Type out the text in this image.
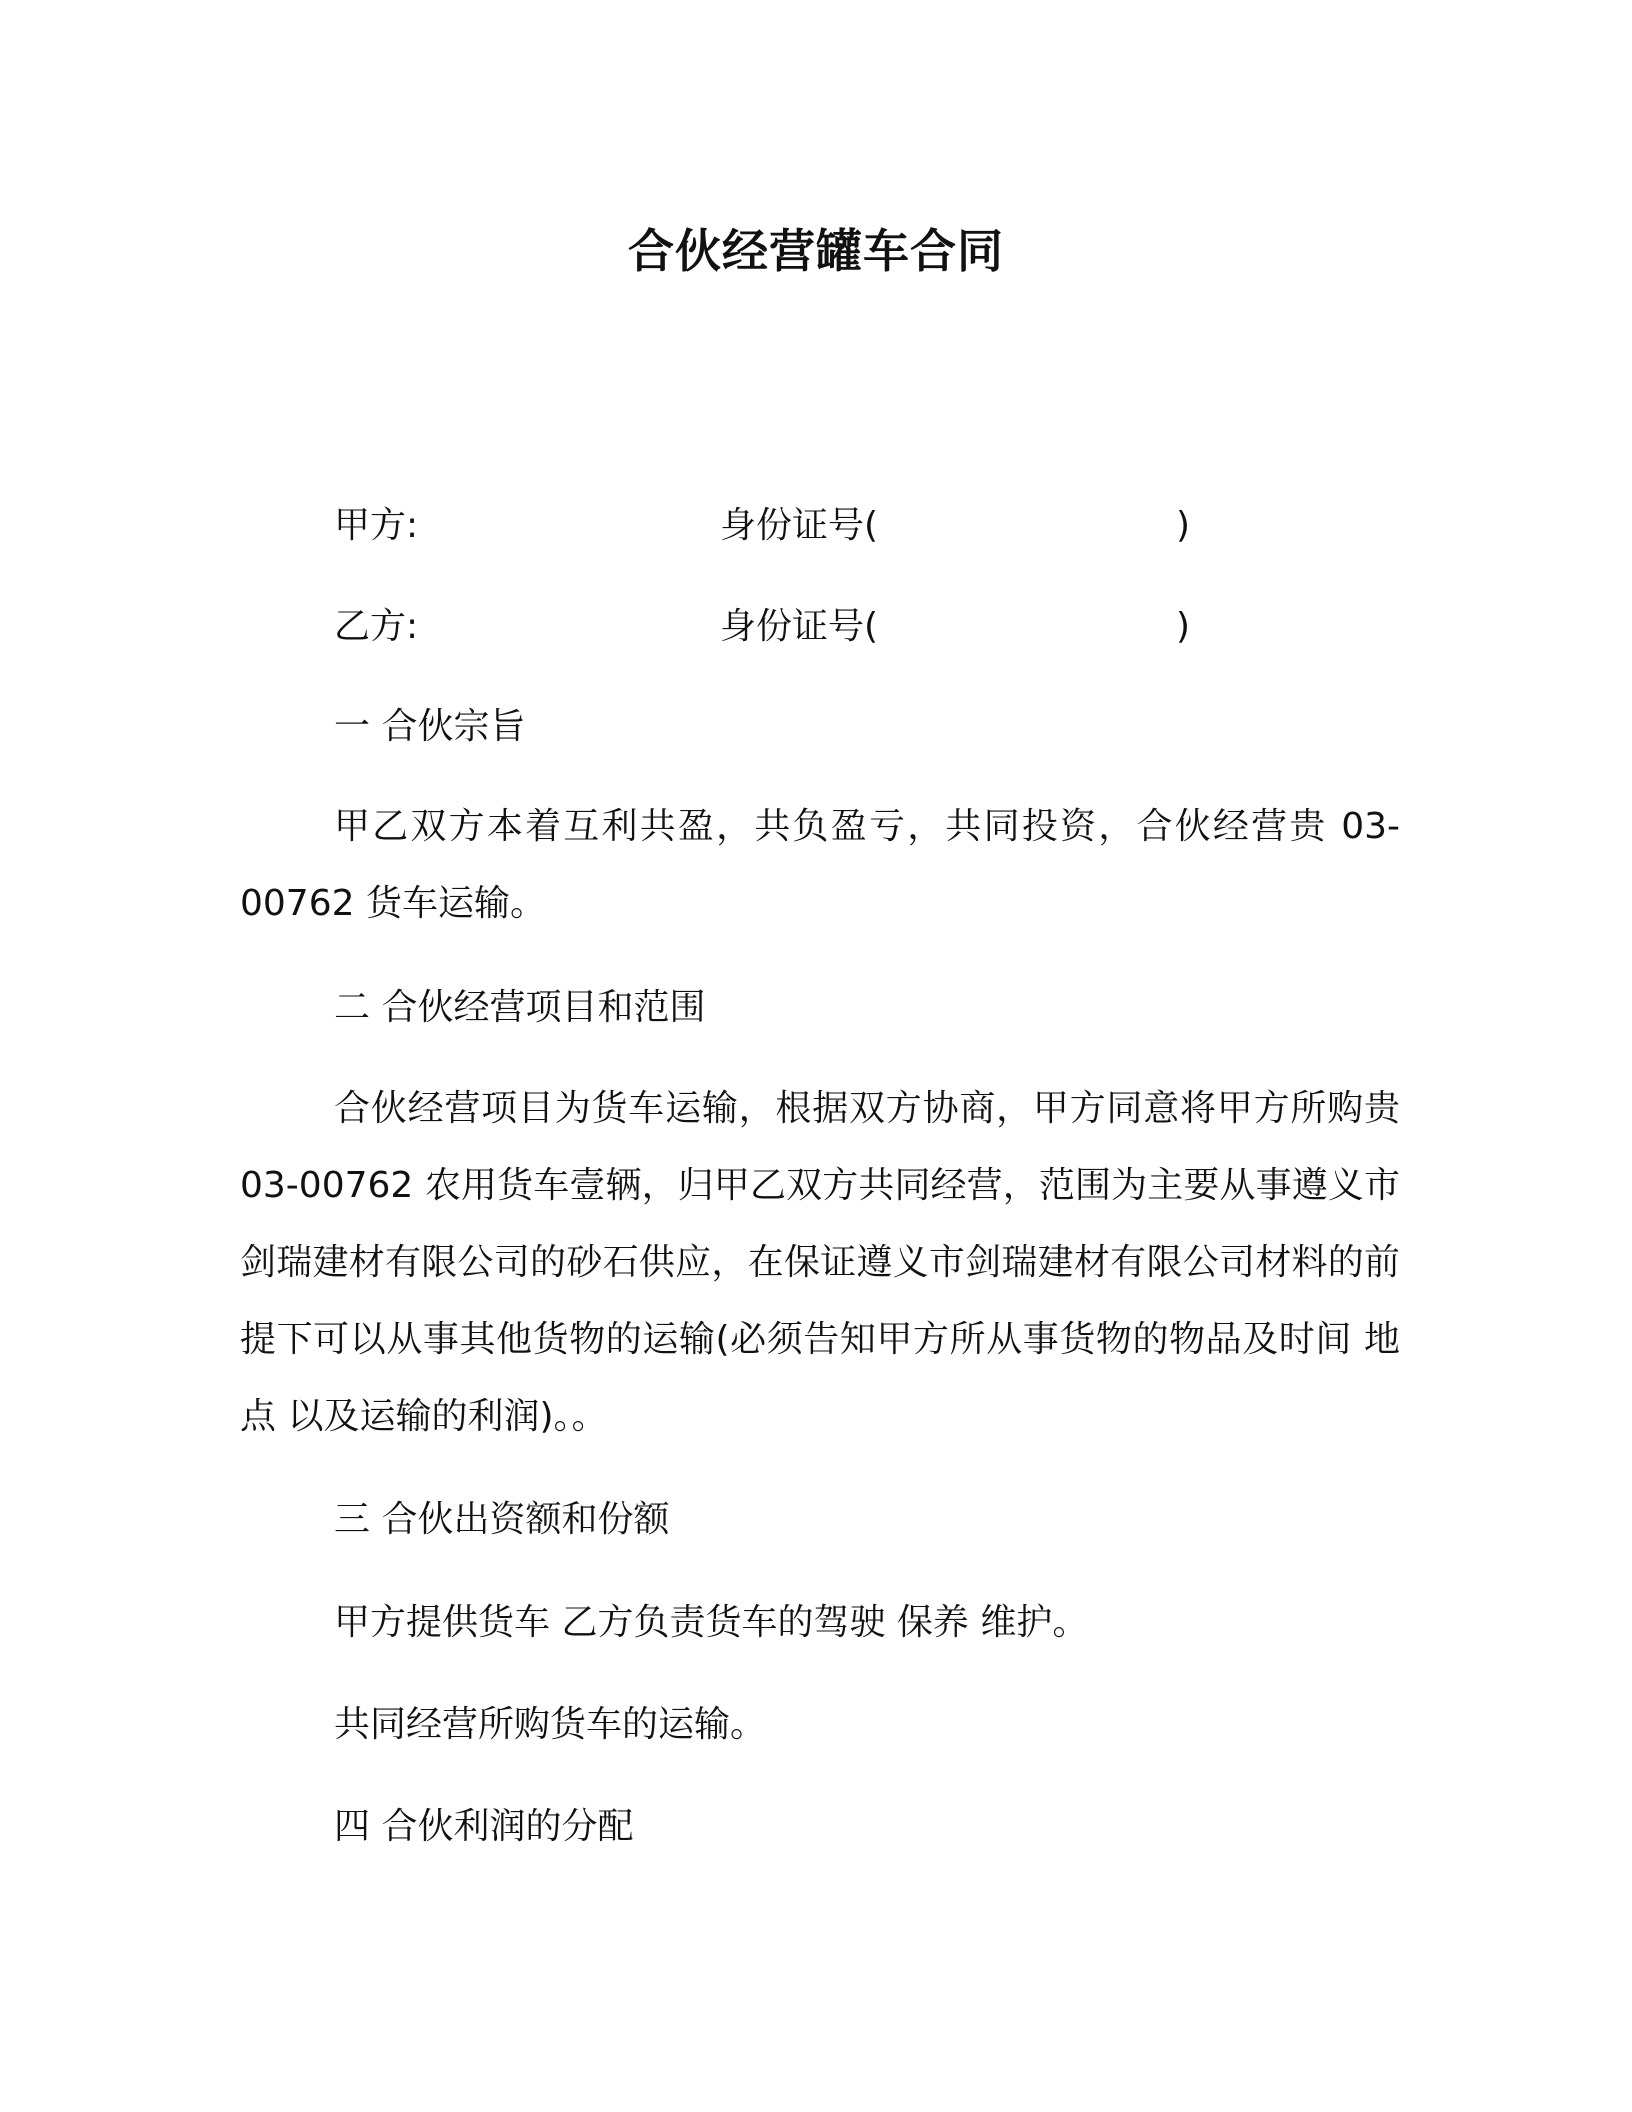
合伙经营罐车合同
甲方:	身份证号(	)
乙方:	身份证号(	)

一 合伙宗旨

甲乙双方本着互利共盈，共负盈亏，共同投资，合伙经营贵 03-00762 货车运输。

二 合伙经营项目和范围

合伙经营项目为货车运输，根据双方协商，甲方同意将甲方所购贵 03-00762 农用货车壹辆，归甲乙双方共同经营，范围为主要从事遵义市剑瑞建材有限公司的砂石供应，在保证遵义市剑瑞建材有限公司材料的前提下可以从事其他货物的运输(必须告知甲方所从事货物的物品及时间 地点 以及运输的利润)。。

三 合伙出资额和份额

甲方提供货车 乙方负责货车的驾驶 保养 维护。

共同经营所购货车的运输。

四 合伙利润的分配
